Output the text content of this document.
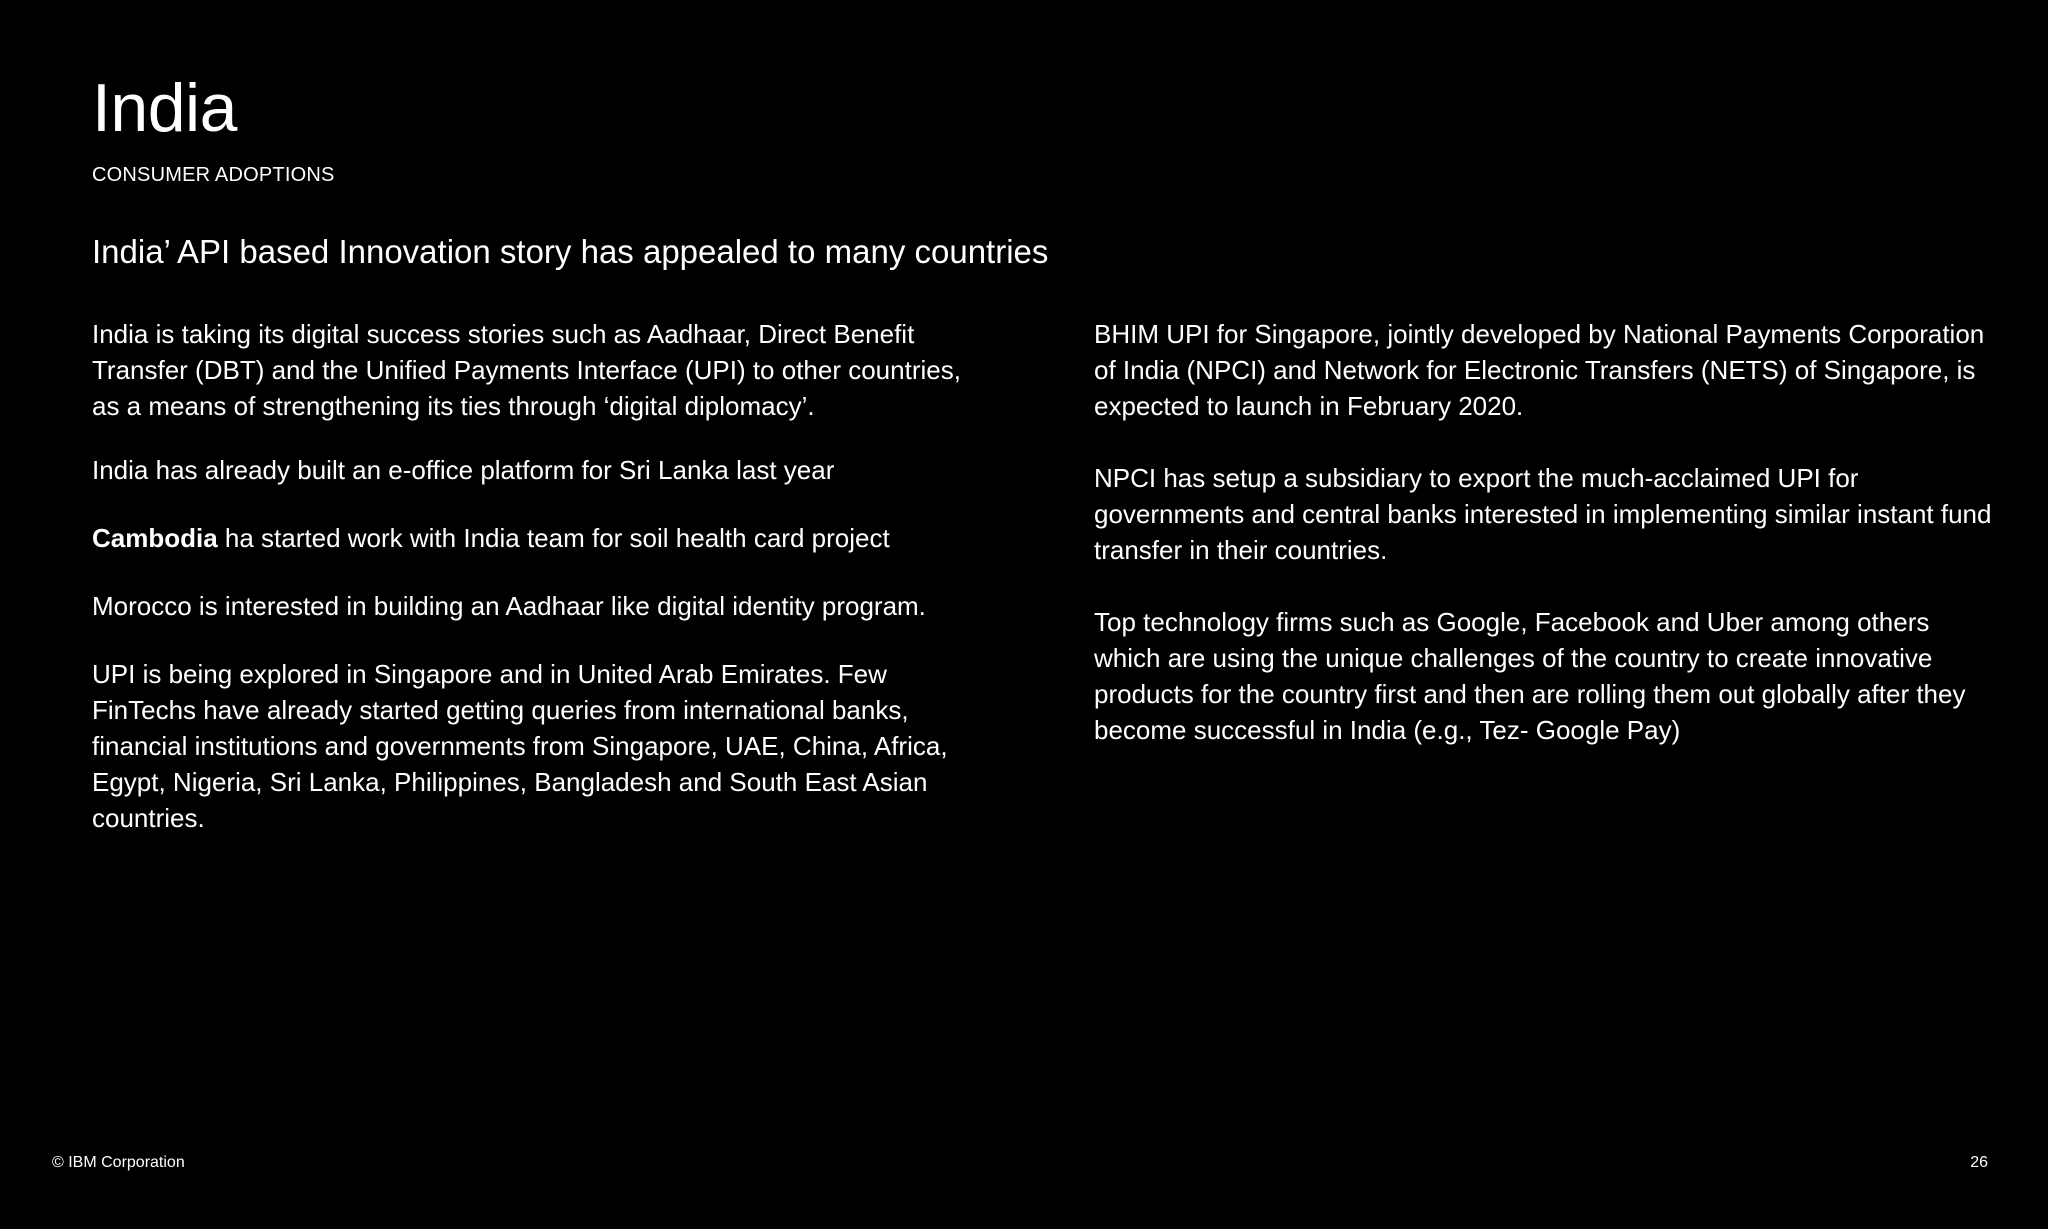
India
CONSUMER ADOPTIONS
India’ API based Innovation story has appealed to many countries

India is taking its digital success stories such as Aadhaar, Direct Benefit Transfer (DBT) and the Unified Payments Interface (UPI) to other countries, as a means of strengthening its ties through ‘digital diplomacy’.

India has already built an e-office platform for Sri Lanka last year

Cambodia ha started work with India team for soil health card project

Morocco is interested in building an Aadhaar like digital identity program.

UPI is being explored in Singapore and in United Arab Emirates. Few FinTechs have already started getting queries from international banks, financial institutions and governments from Singapore, UAE, China, Africa, Egypt, Nigeria, Sri Lanka, Philippines, Bangladesh and South East Asian countries.

BHIM UPI for Singapore, jointly developed by National Payments Corporation of India (NPCI) and Network for Electronic Transfers (NETS) of Singapore, is expected to launch in February 2020.

NPCI has setup a subsidiary to export the much-acclaimed UPI for governments and central banks interested in implementing similar instant fund transfer in their countries.

Top technology firms such as Google, Facebook and Uber among others which are using the unique challenges of the country to create innovative products for the country first and then are rolling them out globally after they become successful in India (e.g., Tez- Google Pay)

© IBM Corporation	26
